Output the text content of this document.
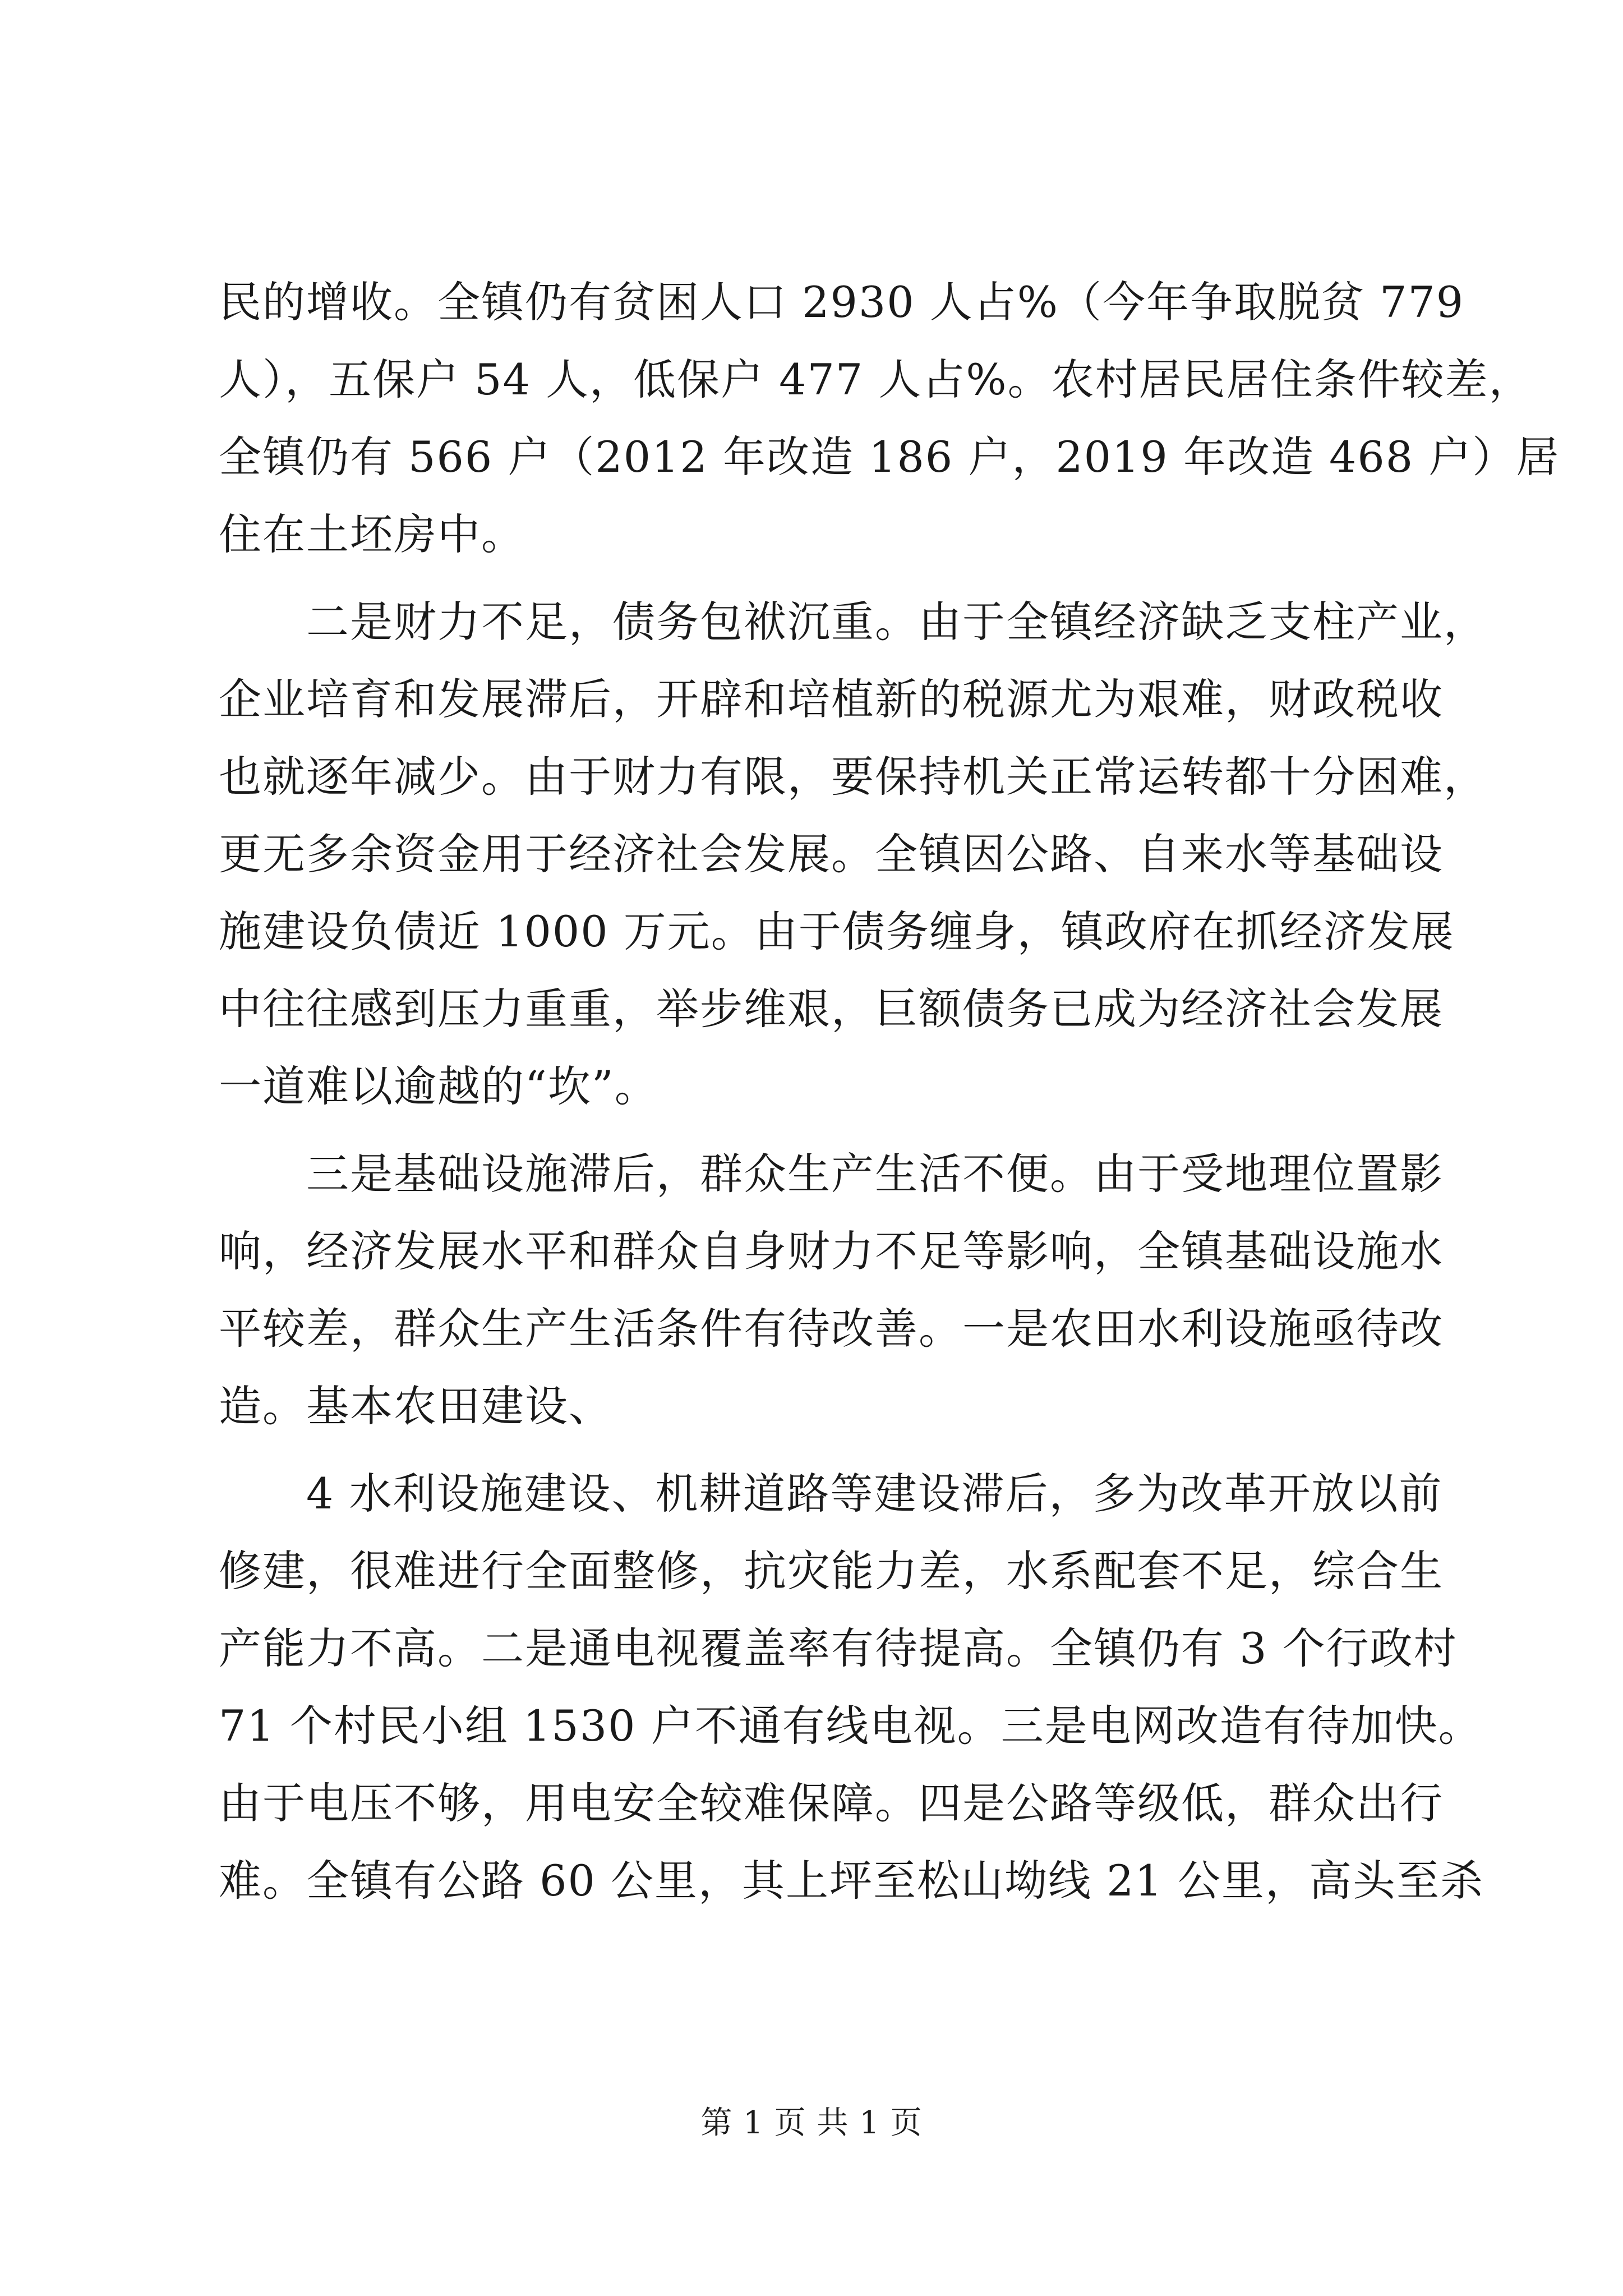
民的增收。全镇仍有贫困人口 2930 人占%（今年争取脱贫 779
人），五保户 54 人，低保户 477 人占%。农村居民居住条件较差，
全镇仍有 566 户（2012 年改造 186 户，2019 年改造 468 户）居
住在土坯房中。
　　二是财力不足，债务包袱沉重。由于全镇经济缺乏支柱产业，
企业培育和发展滞后，开辟和培植新的税源尤为艰难，财政税收
也就逐年减少。由于财力有限，要保持机关正常运转都十分困难，
更无多余资金用于经济社会发展。全镇因公路、自来水等基础设
施建设负债近 1000 万元。由于债务缠身，镇政府在抓经济发展
中往往感到压力重重，举步维艰，巨额债务已成为经济社会发展
一道难以逾越的“坎”。
　　三是基础设施滞后，群众生产生活不便。由于受地理位置影
响，经济发展水平和群众自身财力不足等影响，全镇基础设施水
平较差，群众生产生活条件有待改善。一是农田水利设施亟待改
造。基本农田建设、
　　4 水利设施建设、机耕道路等建设滞后，多为改革开放以前
修建，很难进行全面整修，抗灾能力差，水系配套不足，综合生
产能力不高。二是通电视覆盖率有待提高。全镇仍有 3 个行政村
71 个村民小组 1530 户不通有线电视。三是电网改造有待加快。
由于电压不够，用电安全较难保障。四是公路等级低，群众出行
难。全镇有公路 60 公里，其上坪至松山坳线 21 公里，高头至杀
第 1 页 共 1 页
